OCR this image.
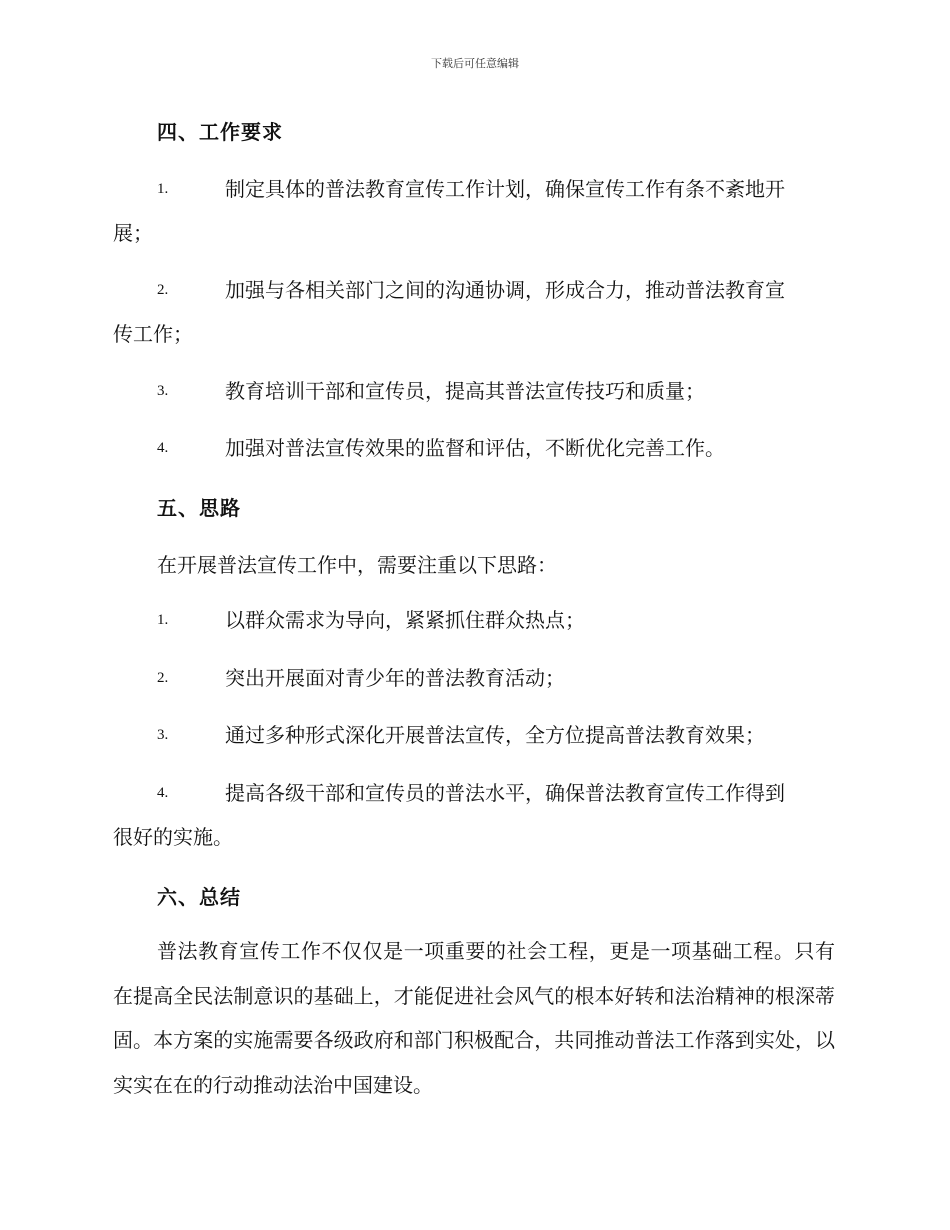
下载后可任意编辑
四、工作要求
1.	制定具体的普法教育宣传工作计划，确保宣传工作有条不紊地开
展；
2.	加强与各相关部门之间的沟通协调，形成合力，推动普法教育宣
传工作；
3.	教育培训干部和宣传员，提高其普法宣传技巧和质量；
4.	加强对普法宣传效果的监督和评估，不断优化完善工作。
五、思路
在开展普法宣传工作中，需要注重以下思路：
1.	以群众需求为导向，紧紧抓住群众热点；
2.	突出开展面对青少年的普法教育活动；
3.	通过多种形式深化开展普法宣传，全方位提高普法教育效果；
4.	提高各级干部和宣传员的普法水平，确保普法教育宣传工作得到
很好的实施。
六、总结
普法教育宣传工作不仅仅是一项重要的社会工程，更是一项基础工程。只有在提高全民法制意识的基础上，才能促进社会风气的根本好转和法治精神的根深蒂固。本方案的实施需要各级政府和部门积极配合，共同推动普法工作落到实处，以实实在在的行动推动法治中国建设。
